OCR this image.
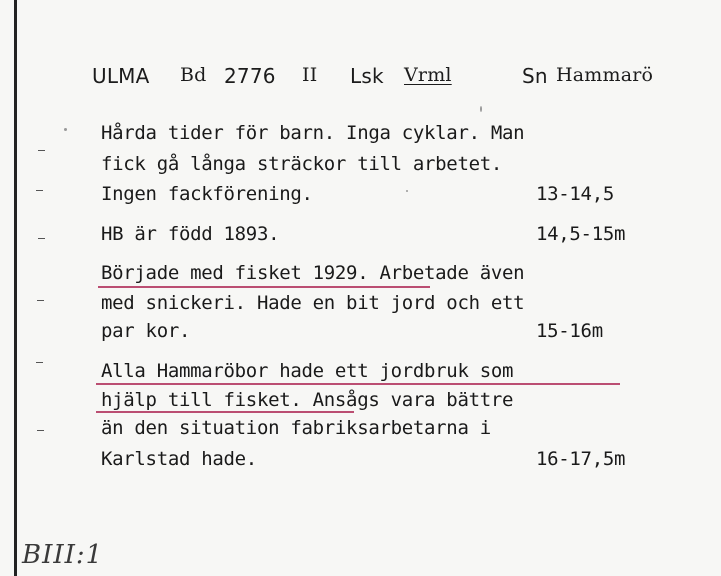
ULMA Bd 2776 II Lsk Vrml	Sn Hammarö
Hårda tider för barn. Inga cyklar. Man
fick gå långa sträckor till arbetet.
Ingen fackförening.	13-14,5
HB är född 1893.	14,5-15m
Började med fisket 1929. Arbetade även
med snickeri. Hade en bit jord och ett
par kor.	15-16m
Alla Hammaröbor hade ett jordbruk som
hjälp till fisket. Ansågs vara bättre
än den situation fabriksarbetarna i
Karlstad hade.	16-17,5m
BIII:1
